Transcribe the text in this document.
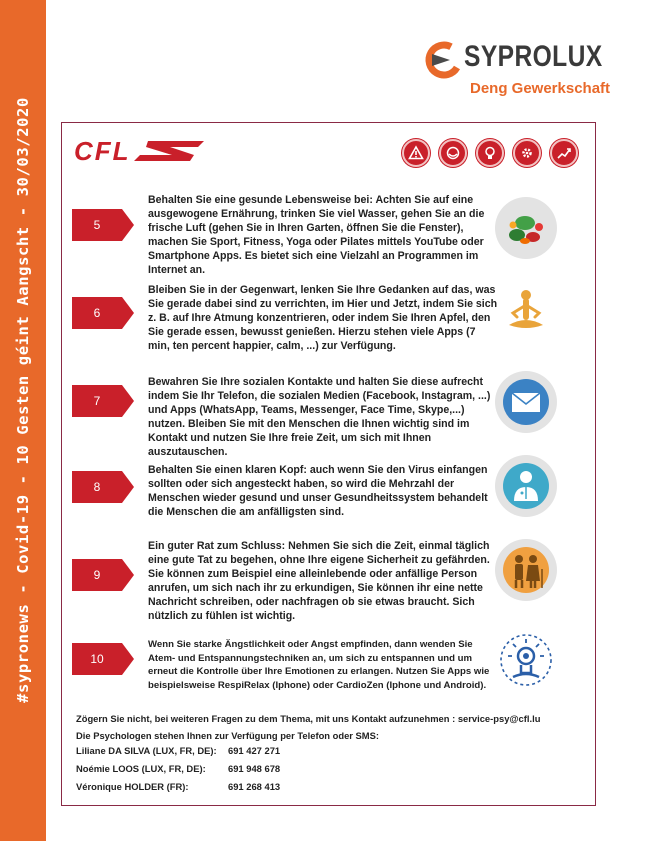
#sypronews - Covid-19 - 10 Gesten géint Aangscht - 30/03/2020
SYPROLUX
Deng Gewerkschaft
CFL
5
Behalten Sie eine gesunde Lebensweise bei: Achten Sie auf eine ausgewogene Ernährung, trinken Sie viel Wasser, gehen Sie an die frische Luft (gehen Sie in Ihren Garten, öffnen Sie die Fenster), machen Sie Sport, Fitness, Yoga oder Pilates mittels YouTube oder Smartphone Apps. Es bietet sich eine Vielzahl an Programmen im Internet an.
6
Bleiben Sie in der Gegenwart, lenken Sie Ihre Gedanken auf das, was Sie gerade dabei sind zu verrichten, im Hier und Jetzt, indem Sie sich z. B. auf Ihre Atmung konzentrieren, oder indem Sie Ihren Apfel, den Sie gerade essen, bewusst genießen. Hierzu stehen viele Apps (7 min, ten percent happier, calm, ...) zur Verfügung.
7
Bewahren Sie Ihre sozialen Kontakte und halten Sie diese aufrecht indem Sie Ihr Telefon, die sozialen Medien (Facebook, Instagram, ...) und Apps (WhatsApp, Teams, Messenger, Face Time, Skype,...) nutzen. Bleiben Sie mit den Menschen die Ihnen wichtig sind im Kontakt und nutzen Sie Ihre freie Zeit, um sich mit Ihnen auszutauschen.
8
Behalten Sie einen klaren Kopf: auch wenn Sie den Virus einfangen sollten oder sich angesteckt haben, so wird die Mehrzahl der Menschen wieder gesund und unser Gesundheitssystem behandelt die Menschen die am anfälligsten sind.
9
Ein guter Rat zum Schluss: Nehmen Sie sich die Zeit, einmal täglich eine gute Tat zu begehen, ohne Ihre eigene Sicherheit zu gefährden. Sie können zum Beispiel eine alleinlebende oder anfällige Person anrufen, um sich nach ihr zu erkundigen, Sie können ihr eine nette Nachricht schreiben, oder nachfragen ob sie etwas braucht. Sich nützlich zu fühlen ist wichtig.
10
Wenn Sie starke Ängstlichkeit oder Angst empfinden, dann wenden Sie Atem- und Entspannungstechniken an, um sich zu entspannen und um erneut die Kontrolle über Ihre Emotionen zu erlangen. Nutzen Sie Apps wie beispielsweise RespiRelax (Iphone) oder CardioZen (Iphone und Android).

Zögern Sie nicht, bei weiteren Fragen zu dem Thema, mit uns Kontakt aufzunehmen : service-psy@cfl.lu

Die Psychologen stehen Ihnen zur Verfügung per Telefon oder SMS:

Liliane DA SILVA (LUX, FR, DE): 691 427 271
Noémie LOOS (LUX, FR, DE): 691 948 678
Véronique HOLDER (FR):	691 268 413
